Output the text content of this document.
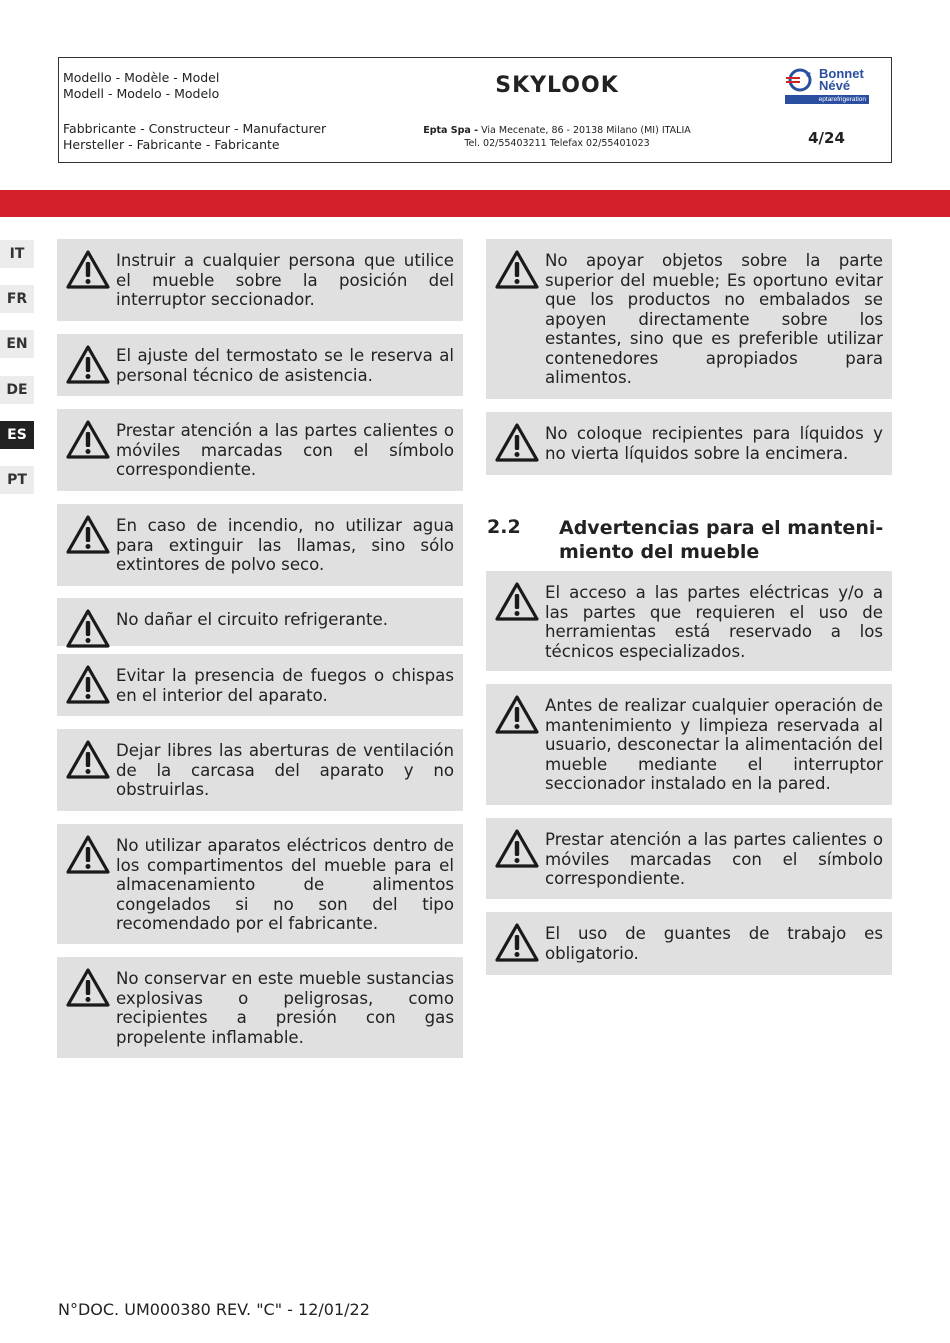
Modello - Modèle - Model
Modell - Modelo - Modelo	SKYLOOK	Bonnet
Névé
eptarefrigeration
Fabbricante - Constructeur - Manufacturer
Hersteller - Fabricante - Fabricante
Epta Spa - Via Mecenate, 86 - 20138 Milano (MI) ITALIA
Tel. 02/55403211 Telefax 02/55401023	4/24
IT
FR
EN
DE
ES
PT
Instruir a cualquier persona que utilice el mueble sobre la posición del interruptor seccionador.
El ajuste del termostato se le reserva al personal técnico de asistencia.
Prestar atención a las partes calientes o móviles marcadas con el símbolo correspondiente.
En caso de incendio, no utilizar agua para extinguir las llamas, sino sólo extintores de polvo seco.
No dañar el circuito refrigerante.
Evitar la presencia de fuegos o chispas en el interior del aparato.
Dejar libres las aberturas de ventilación de la carcasa del aparato y no obstruirlas.
No utilizar aparatos eléctricos dentro de los compartimentos del mueble para el almacenamiento de alimentos congelados si no son del tipo recomendado por el fabricante.
No conservar en este mueble sustancias explosivas o peligrosas, como recipientes a presión con gas propelente inflamable.
No apoyar objetos sobre la parte superior del mueble; Es oportuno evitar que los productos no embalados se apoyen directamente sobre los estantes, sino que es preferible utilizar contenedores apropiados para alimentos.
No coloque recipientes para líquidos y no vierta líquidos sobre la encimera.
El acceso a las partes eléctricas y/o a las partes que requieren el uso de herramientas está reservado a los técnicos especializados.
Antes de realizar cualquier operación de mantenimiento y limpieza reservada al usuario, desconectar la alimentación del mueble mediante el interruptor seccionador instalado en la pared.
Prestar atención a las partes calientes o móviles marcadas con el símbolo correspondiente.
El uso de guantes de trabajo es obligatorio.
2.2 Advertencias para el manteni-miento del mueble
N°DOC. UM000380 REV. "C" - 12/01/22
